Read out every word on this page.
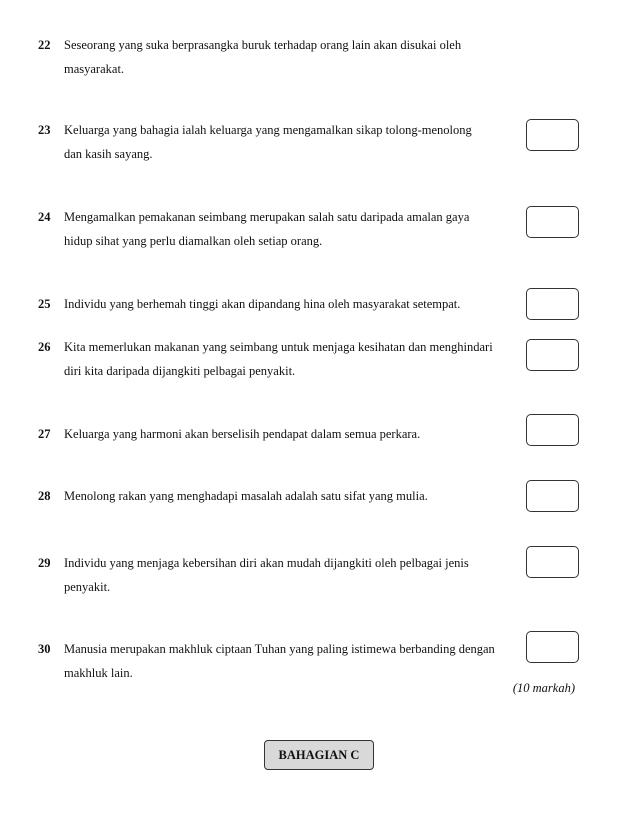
22 Seseorang yang suka berprasangka buruk terhadap orang lain akan disukai oleh masyarakat.
23 Keluarga yang bahagia ialah keluarga yang mengamalkan sikap tolong-menolong dan kasih sayang.
24 Mengamalkan pemakanan seimbang merupakan salah satu daripada amalan gaya hidup sihat yang perlu diamalkan oleh setiap orang.
25 Individu yang berhemah tinggi akan dipandang hina oleh masyarakat setempat.
26 Kita memerlukan makanan yang seimbang untuk menjaga kesihatan dan menghindari diri kita daripada dijangkiti pelbagai penyakit.
27 Keluarga yang harmoni akan berselisih pendapat dalam semua perkara.
28 Menolong rakan yang menghadapi masalah adalah satu sifat yang mulia.
29 Individu yang menjaga kebersihan diri akan mudah dijangkiti oleh pelbagai jenis penyakit.
30 Manusia merupakan makhluk ciptaan Tuhan yang paling istimewa berbanding dengan makhluk lain.
(10 markah)
BAHAGIAN C
